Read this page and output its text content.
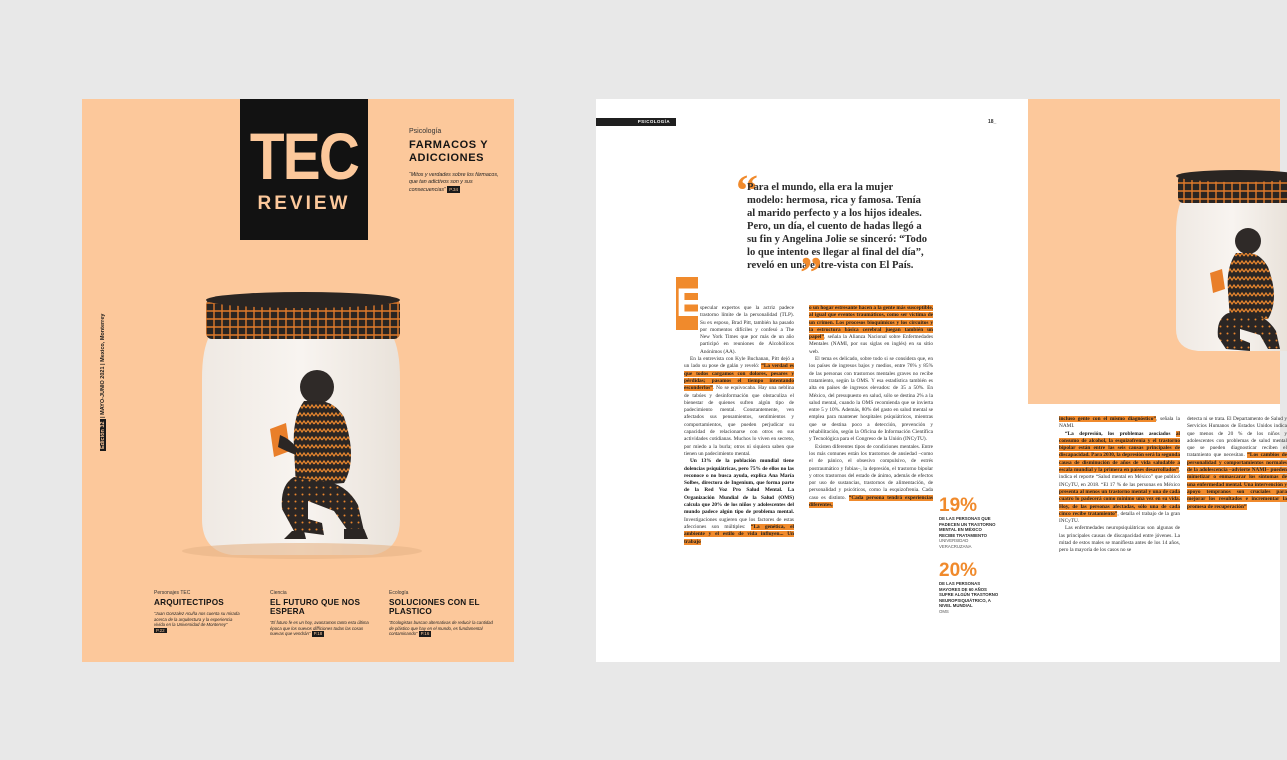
TEC
REVIEW
Psicología
FARMACOS Y ADICCIONES
“Mitos y verdades sobre los fármacos, que tan adictivos son y sus consecuencias” P.34
Edición 32 | MAYO-JUNIO 2021 | Mexico, Monterrey
Personajes TEC
ARQUITECTIPOS
“Juan Gonzalez Acuña nos cuenta su mirada acerca de la arquitectura y la experiencia vivida en la Universidad de Monterrey” P.22
Ciencia
EL FUTURO QUE NOS ESPERA
“El futuro fe es un hoy, avanzamos tanto esta última época que los nuevos diffíciones todas las cosas nuevas que vendrán” P.18
Ecología
SOLUCIONES CON EL PLASTICO
“Ecologistas buscan alternativas de reducir la cantidad de plástico que hay en el mundo, es fundamental contaminando” P.16
PSICOLOGÍA	18_
“
Para el mundo, ella era la mujer modelo: hermosa, rica y famosa. Tenía al marido perfecto y a los hijos ideales. Pero, un día, el cuento de hadas llegó a su fin y Angelina Jolie se sinceró: “Todo lo que intento es llegar al final del día”, reveló en una entre-vista con El País.
”
E

specular expertos que la actriz padece trastorno límite de la personalidad (TLP). Su ex esposo, Brad Pitt, también ha pasado por momentos difíciles y confesó a The New York Times que por más de un año participó en reuniones de Alcohólicos Anónimos (AA).

En la entrevista con Kyle Buchanan, Pitt dejó a un lado su pose de galán y reveló: “La verdad es que todos cargamos con dolores, pesares y pérdidas; pasamos el tiempo intentando esconderlos”. No se equivocaba. Hay una neblina de tabúes y desinformación que obstaculiza el bienestar de quienes sufren algún tipo de padecimiento mental. Constantemente, ven afectados sus pensamientos, sentimientos y comportamientos, que pueden perjudicar su capacidad de relacionarse con otros en sus actividades cotidianas. Muchos lo viven en secreto, por miedo a la burla; otros ni siquiera saben que tienen un padecimiento mental.

Un 13% de la población mundial tiene dolencias psiquiátricas, pero 75% de ellos no las reconoce o no busca ayuda, explica Ana María Solbes, directora de Ingenium, que forma parte de la Red Voz Pro Salud Mental. La Organización Mundial de la Salud (OMS) calcula que 20% de los niños y adolescentes del mundo padece algún tipo de problema mental. Investigaciones sugieren que los factores de estas afecciones son múltiples: “La genética, el ambiente y el estilo de vida influyen... Un trabajo

o un hogar estresante hacen a la gente más susceptible, al igual que eventos traumáticos, como ser víctima de un crimen. Los procesos bioquímicos y los circuitos y la estructura básica cerebral juegan también un papel”, señala la Alianza Nacional sobre Enfermedades Mentales (NAMI, por sus siglas en inglés) en su sitio web.

El tema es delicado, sobre todo si se considera que, en los países de ingresos bajos y medios, entre 76% y 85% de las personas con trastornos mentales graves no recibe tratamiento, según la OMS. Y esa estadística también es alta en países de ingresos elevados: de 35 a 50%. En México, del presupuesto en salud, sólo se destina 2% a la salud mental, cuando la OMS recomienda que se invierta entre 5 y 10%. Además, 80% del gasto en salud mental se emplea para mantener hospitales psiquiátricos, mientras que se destina poco a detección, prevención y rehabilitación, según la Oficina de Información Científica y Tecnológica para el Congreso de la Unión (INCyTU).

Existen diferentes tipos de condiciones mentales. Entre los más comunes están los trastornos de ansiedad –como el de pánico, el obsesivo compulsivo, de estrés postraumático y fobias–, la depresión, el trastorno bipolar y otros trastornos del estado de ánimo, además de efectos por uso de sustancias, trastornos de alimentación, de personalidad y psicóticos, como la esquizofrenia. Cada caso es distinto. “Cada persona tendrá experiencias diferentes,	19%
DE LAS PERSONAS QUE PADECEN UN TRASTORNO MENTAL EN MÉXICO RECIBE TRATAMIENTO
UNIVERSIDAD VERACRUZANA
20%
DE LAS PERSONAS MAYORES DE 60 AÑOS SUFRE ALGÚN TRASTORNO NEUROPSIQUIÁTRICO, A NIVEL MUNDIAL
OMS

incluso gente con el mismo diagnóstico”, señala la NAMI.

“La depresión, los problemas asociados al consumo de alcohol, la esquizofrenia y el trastorno bipolar están entre las seis causas principales de discapacidad. Para 2030, la depresión será la segunda causa de disminución de años de vida saludable a escala mundial y la primera en países desarrollados”, indica el reporte “Salud mental en México” que publicó INCyTU, en 2018. “El 17 % de las personas en México presenta al menos un trastorno mental y una de cada cuatro lo padecerá como mínimo una vez en su vida. Hoy, de las personas afectadas, sólo una de cada cinco recibe tratamiento”, detalla el trabajo de la gran INCyTU.

Las enfermedades neuropsiquiátricas son algunas de las principales causas de discapacidad entre jóvenes. La mitad de estos males se manifiesta antes de los 14 años, pero la mayoría de los casos no se

detecta ni se trata. El Departamento de Salud y Servicios Humanos de Estados Unidos indica que menos de 20 % de los niños y adolescentes con problemas de salud mental que se pueden diagnosticar reciben el tratamiento que necesitan. “Los cambios de personalidad y comportamientos normales de la adolescencia –advierte NAMI– pueden mimetizar o enmascarar los síntomas de una enfermedad mental. Una intervención y apoyo tempranos son cruciales para mejorar los resultados e incrementar la promesa de recuperación”
